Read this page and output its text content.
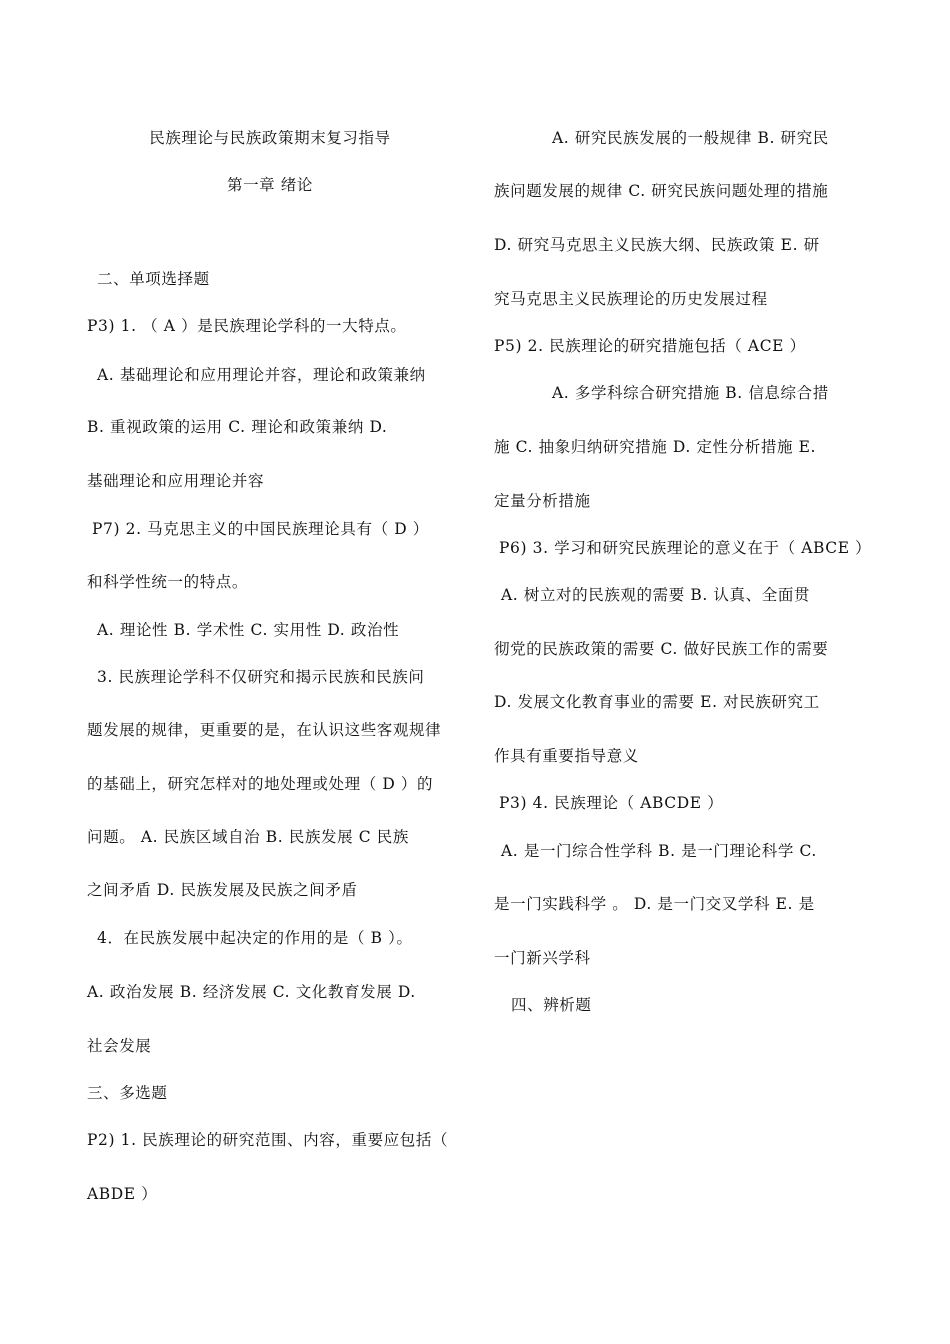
民族理论与民族政策期末复习指导
第一章 绪论
二、单项选择题
P3) 1. （ A ）是民族理论学科的一大特点。
A. 基础理论和应用理论并容，理论和政策兼纳
B. 重视政策的运用 C. 理论和政策兼纳 D.
基础理论和应用理论并容
P7) 2. 马克思主义的中国民族理论具有（ D ）
和科学性统一的特点。
A. 理论性 B. 学术性 C. 实用性 D. 政治性
3. 民族理论学科不仅研究和揭示民族和民族问
题发展的规律，更重要的是，在认识这些客观规律
的基础上，研究怎样对的地处理或处理（ D ）的
问题。 A. 民族区域自治 B. 民族发展 C 民族
之间矛盾 D. 民族发展及民族之间矛盾
4．在民族发展中起决定的作用的是（ B ）。
A. 政治发展 B. 经济发展 C. 文化教育发展 D.
社会发展
三、多选题
P2) 1. 民族理论的研究范围、内容，重要应包括（
ABDE ）
A. 研究民族发展的一般规律 B. 研究民
族问题发展的规律 C. 研究民族问题处理的措施
D. 研究马克思主义民族大纲、民族政策 E. 研
究马克思主义民族理论的历史发展过程
P5) 2. 民族理论的研究措施包括（ ACE ）
A. 多学科综合研究措施 B. 信息综合措
施 C. 抽象归纳研究措施 D. 定性分析措施 E.
定量分析措施
P6) 3. 学习和研究民族理论的意义在于（ ABCE ）
A. 树立对的民族观的需要 B. 认真、全面贯
彻党的民族政策的需要 C. 做好民族工作的需要
D. 发展文化教育事业的需要 E. 对民族研究工
作具有重要指导意义
P3) 4. 民族理论（ ABCDE ）
A. 是一门综合性学科 B. 是一门理论科学 C.
是一门实践科学 。 D. 是一门交叉学科 E. 是
一门新兴学科
四、辨析题
